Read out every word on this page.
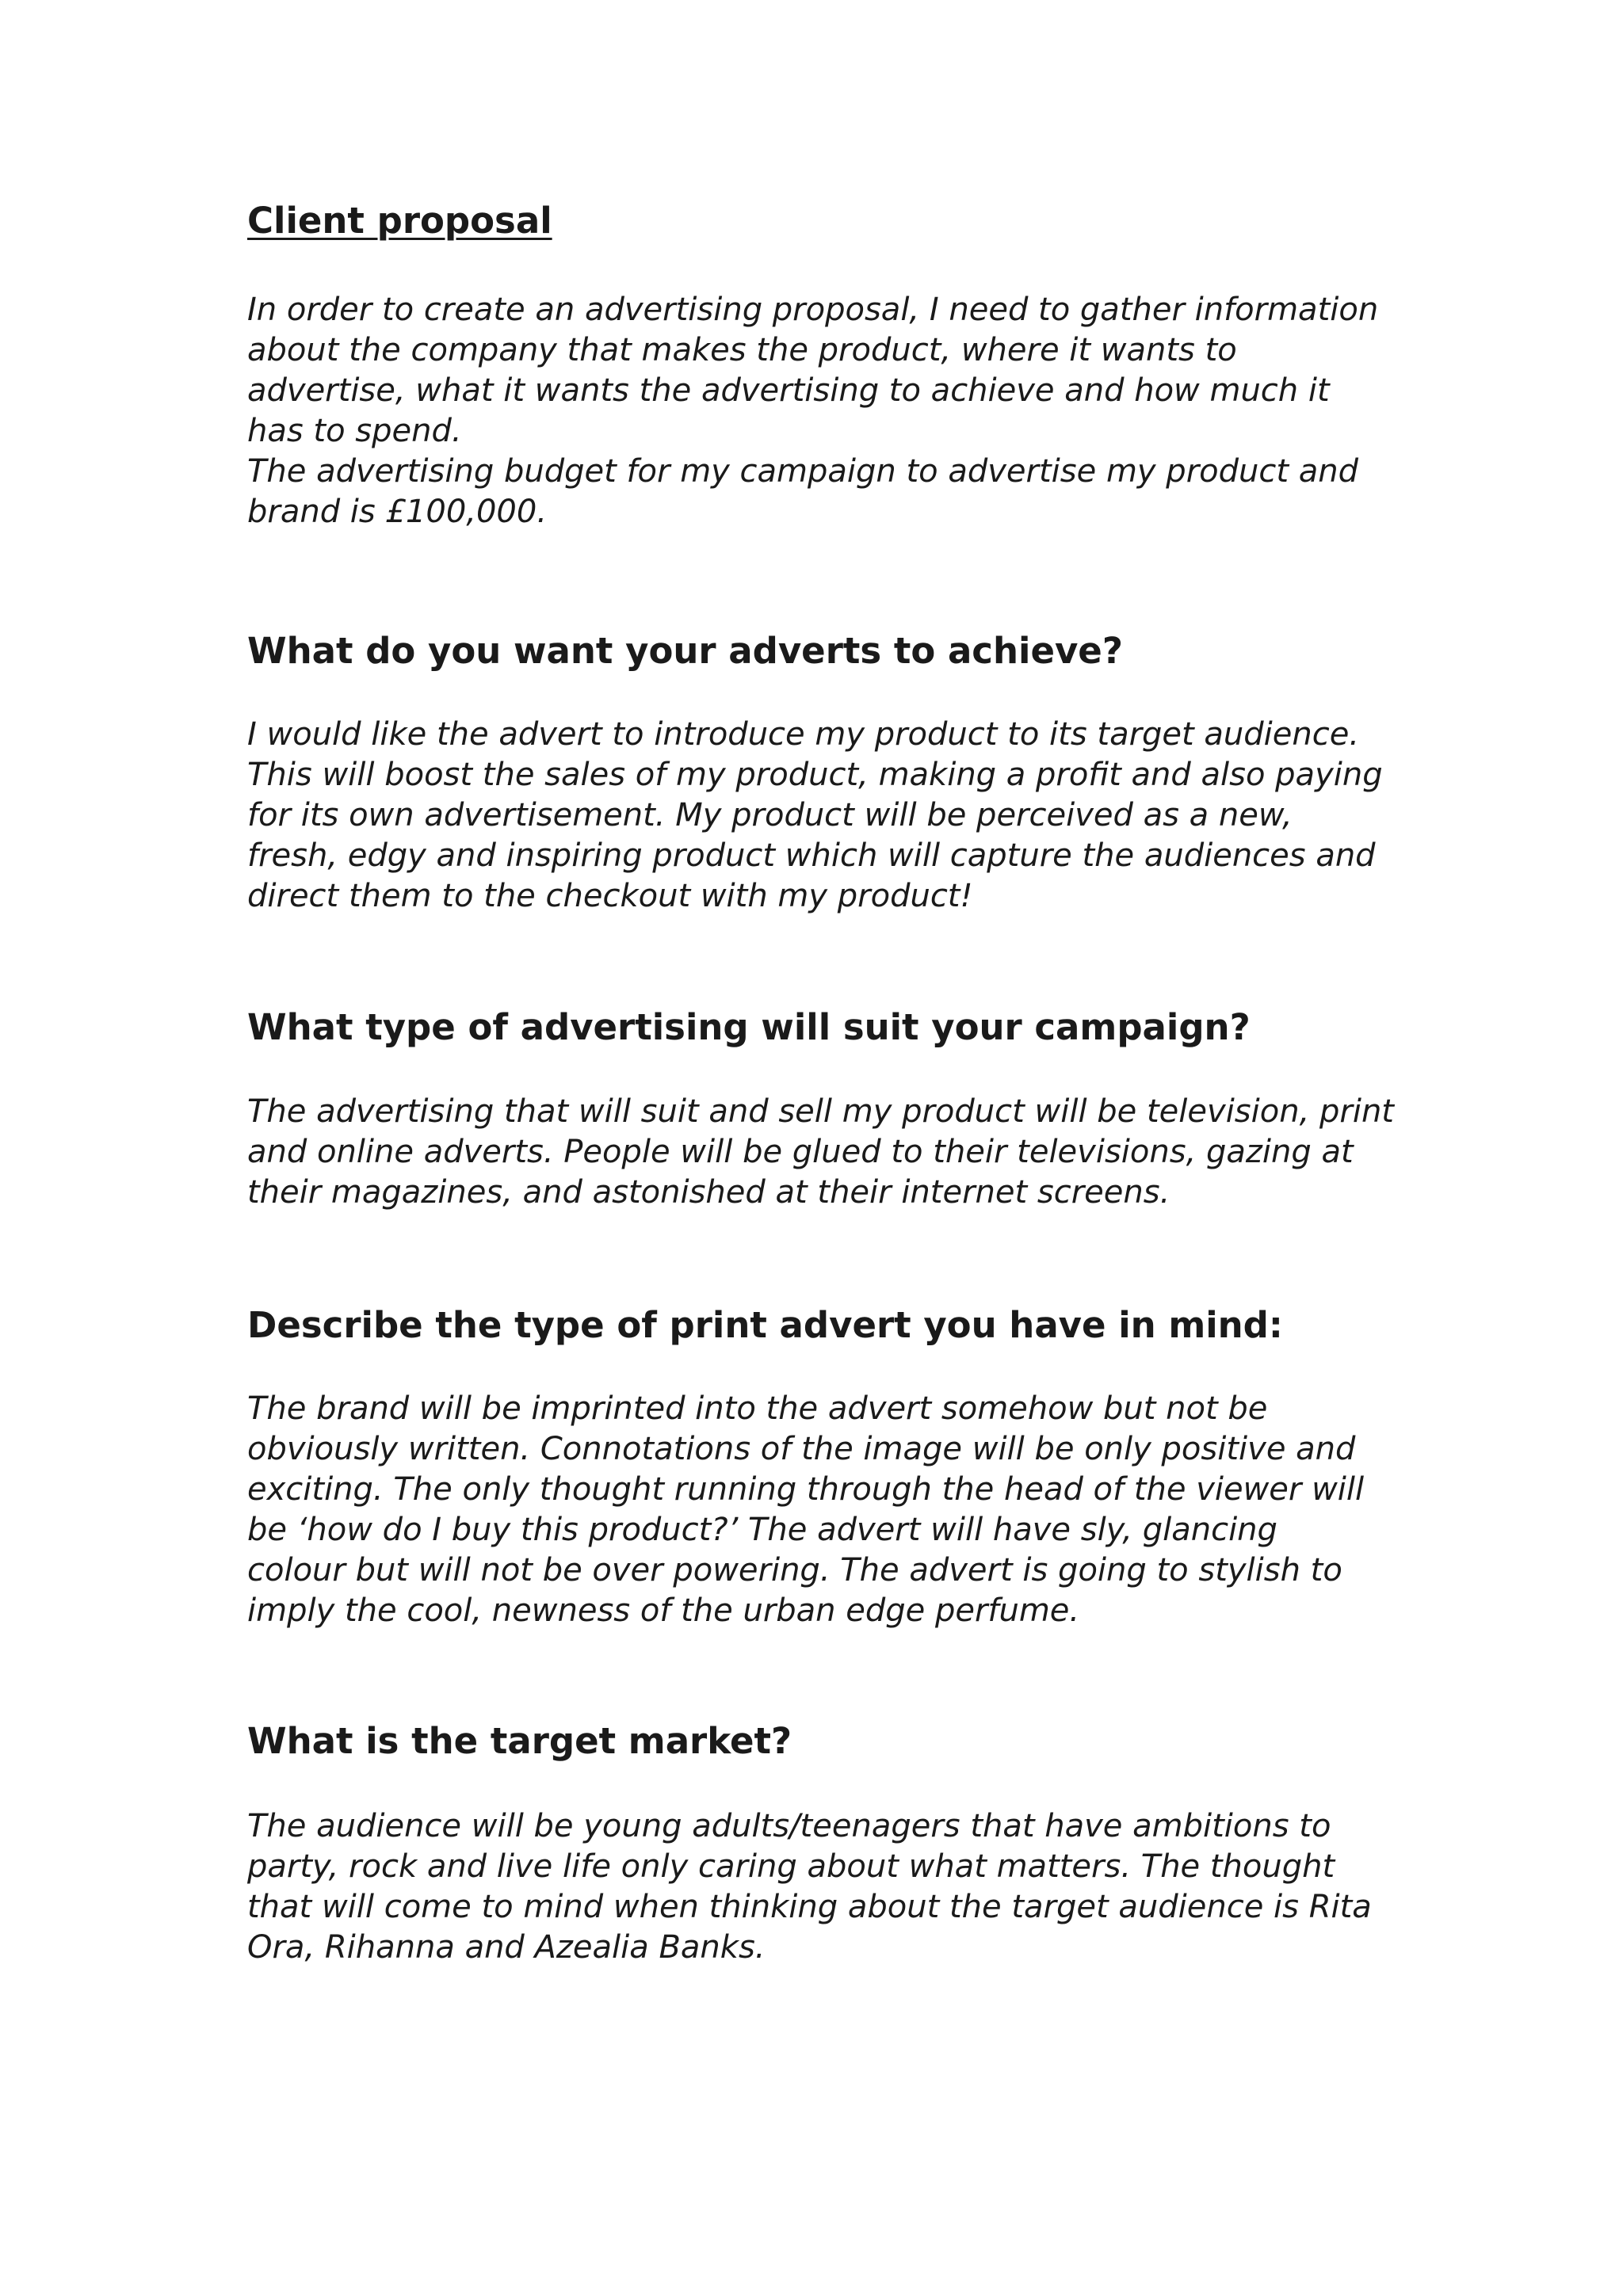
Client proposal

In order to create an advertising proposal, I need to gather information
about the company that makes the product, where it wants to
advertise, what it wants the advertising to achieve and how much it
has to spend.
The advertising budget for my campaign to advertise my product and
brand is £100,000.

What do you want your adverts to achieve?

I would like the advert to introduce my product to its target audience.
This will boost the sales of my product, making a profit and also paying
for its own advertisement. My product will be perceived as a new,
fresh, edgy and inspiring product which will capture the audiences and
direct them to the checkout with my product!

What type of advertising will suit your campaign?

The advertising that will suit and sell my product will be television, print
and online adverts. People will be glued to their televisions, gazing at
their magazines, and astonished at their internet screens.

Describe the type of print advert you have in mind:

The brand will be imprinted into the advert somehow but not be
obviously written. Connotations of the image will be only positive and
exciting. The only thought running through the head of the viewer will
be ‘how do I buy this product?’ The advert will have sly, glancing
colour but will not be over powering. The advert is going to stylish to
imply the cool, newness of the urban edge perfume.

What is the target market?

The audience will be young adults/teenagers that have ambitions to
party, rock and live life only caring about what matters. The thought
that will come to mind when thinking about the target audience is Rita
Ora, Rihanna and Azealia Banks.
